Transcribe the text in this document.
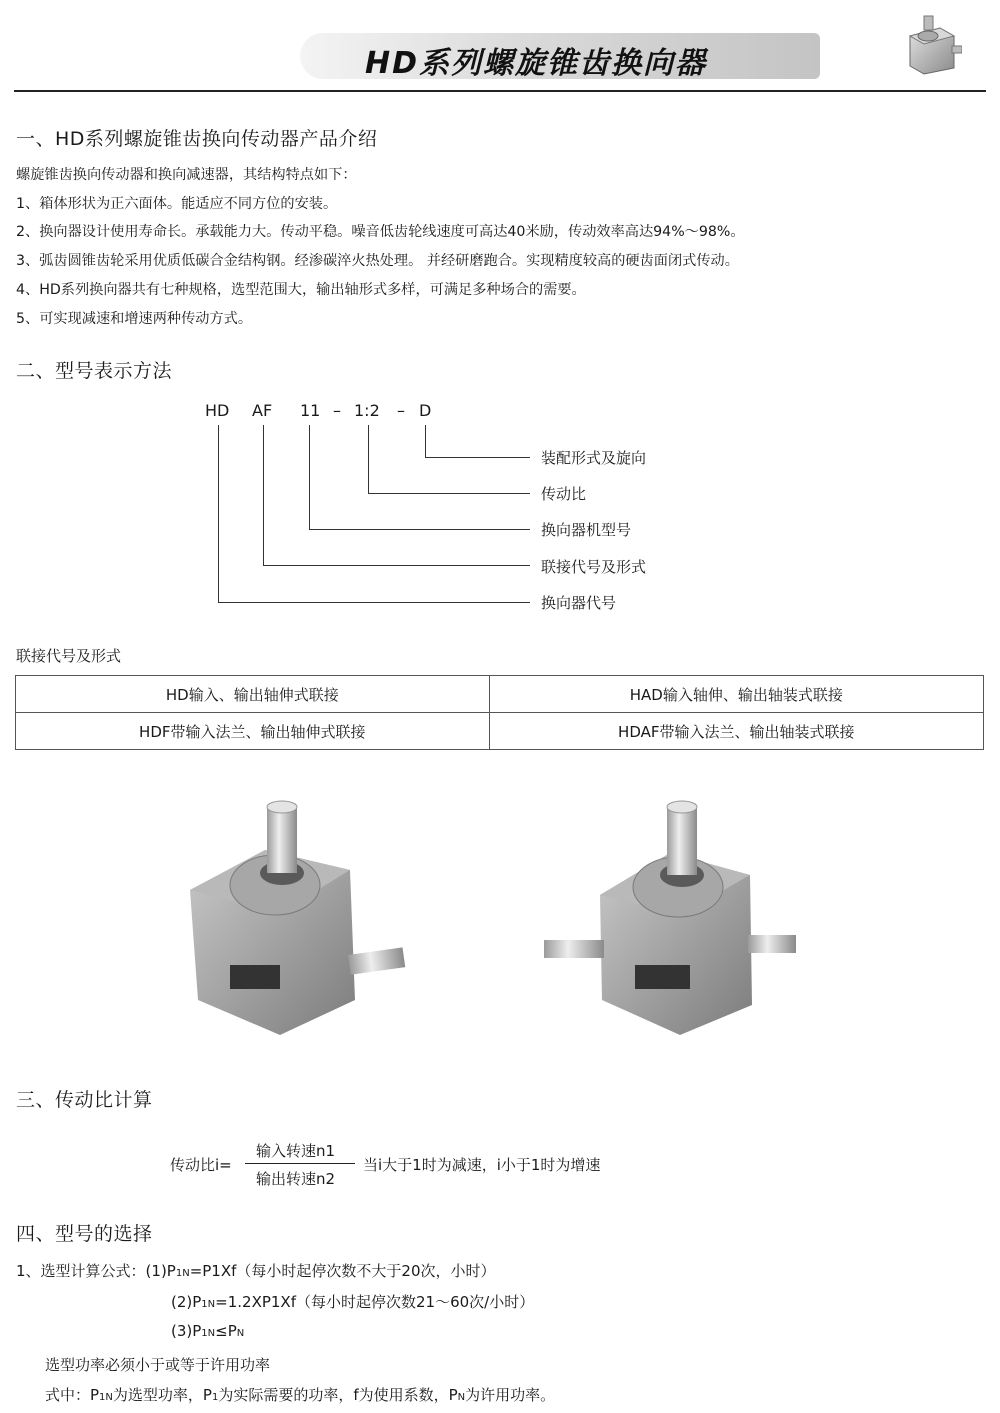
HD系列螺旋锥齿换向器
一、HD系列螺旋锥齿换向传动器产品介绍
螺旋锥齿换向传动器和换向减速器，其结构特点如下：
1、箱体形状为正六面体。能适应不同方位的安装。
2、换向器设计使用寿命长。承载能力大。传动平稳。噪音低齿轮线速度可高达40米励，传动效率高达94%～98%。
3、弧齿圆锥齿轮采用优质低碳合金结构钢。经渗碳淬火热处理。 并经研磨跑合。实现精度较高的硬齿面闭式传动。
4、HD系列换向器共有七种规格，选型范围大，输出轴形式多样，可满足多种场合的需要。
5、可实现减速和增速两种传动方式。
二、型号表示方法
HD AF 11 – 1:2 – D
装配形式及旋向
传动比
换向器机型号
联接代号及形式
换向器代号
联接代号及形式
HD输入、输出轴伸式联接	HAD输入轴伸、输出轴装式联接
HDF带输入法兰、输出轴伸式联接	HDAF带输入法兰、输出轴装式联接
三、传动比计算
传动比i=
输入转速n1
输出转速n2
当i大于1时为减速，i小于1时为增速
四、型号的选择
1、选型计算公式：(1)P1N=P1Xf（每小时起停次数不大于20次，小时）
(2)P1N=1.2XP1Xf（每小时起停次数21～60次/小时）
(3)P1N≤PN
选型功率必须小于或等于许用功率
式中：P1N为选型功率，P1为实际需要的功率，f为使用系数，PN为许用功率。
